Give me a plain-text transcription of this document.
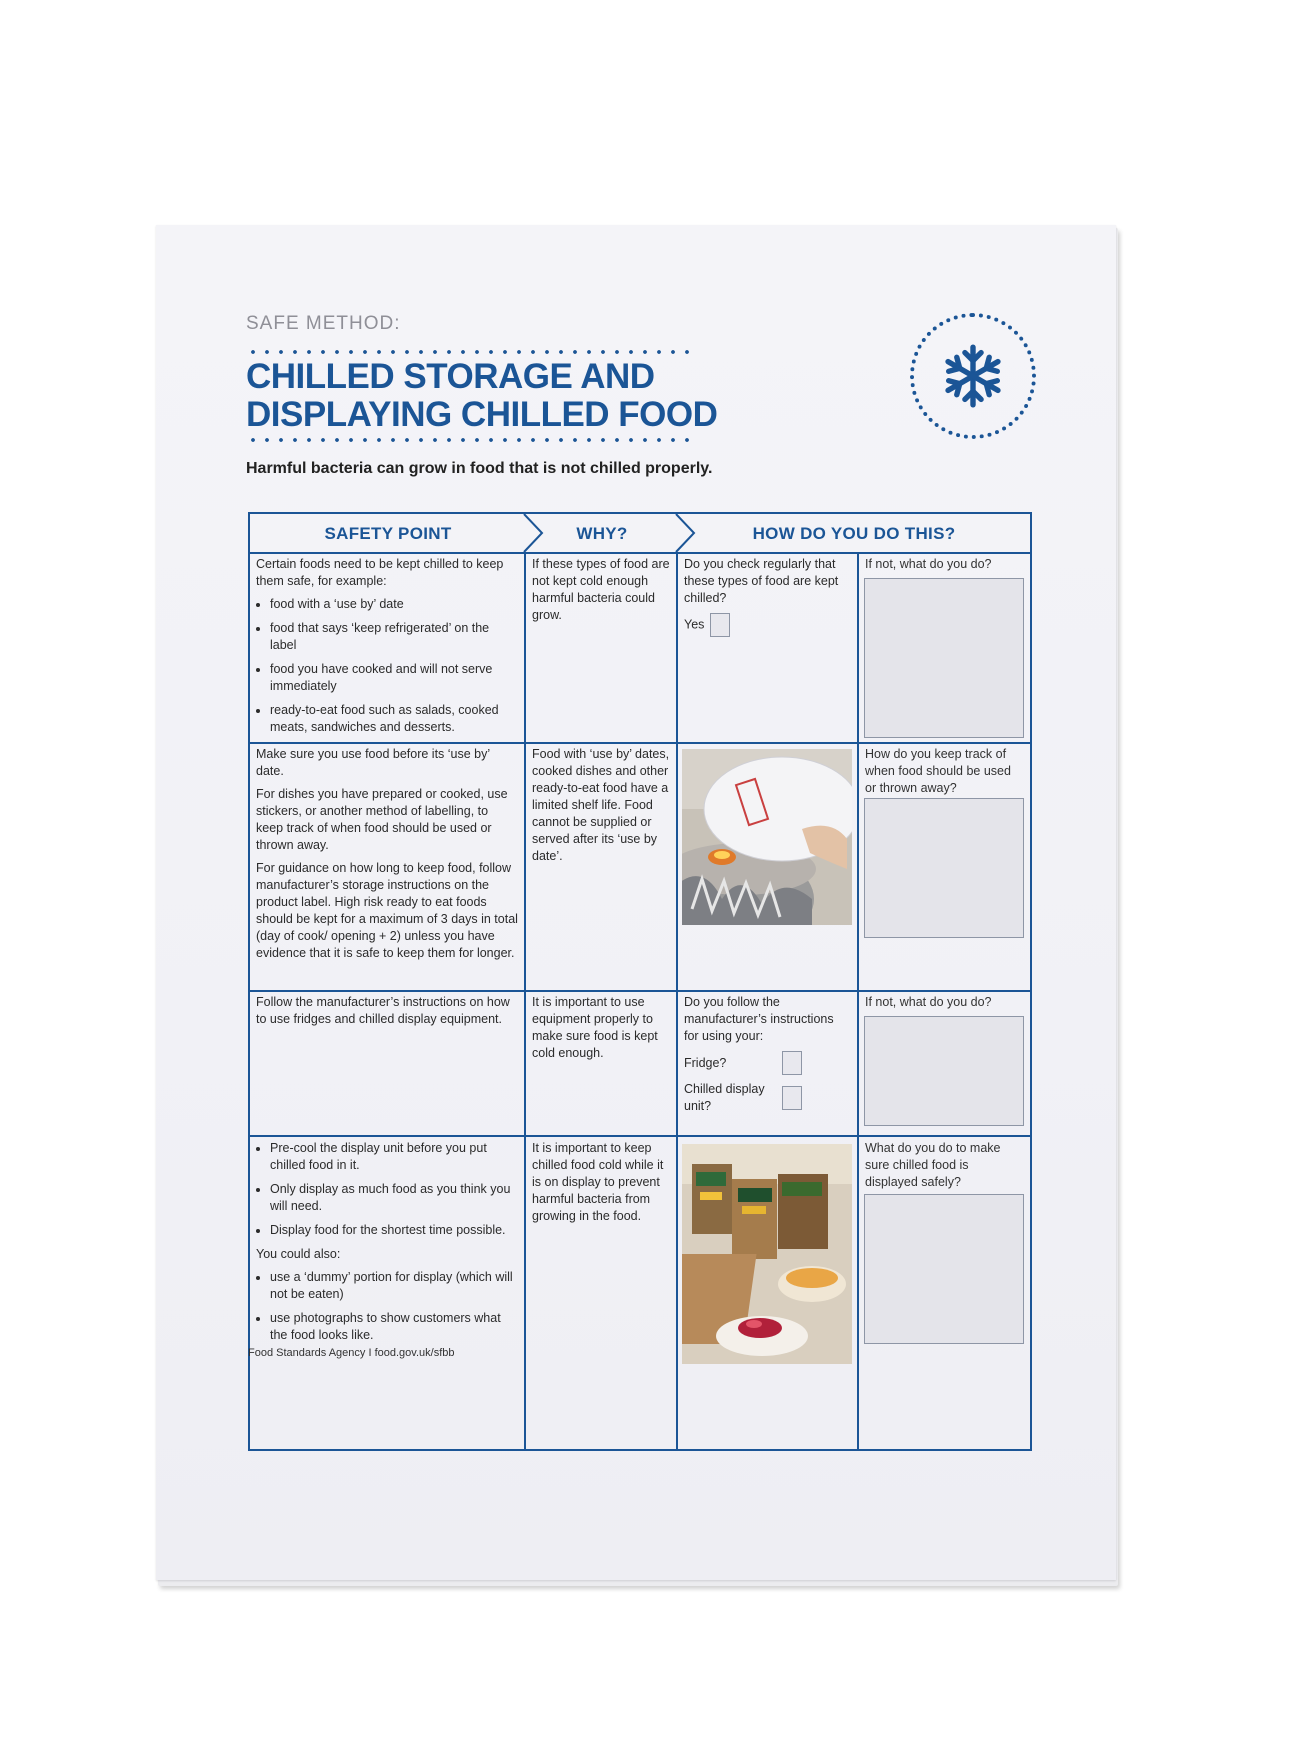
SAFE METHOD:
CHILLED STORAGE AND
DISPLAYING CHILLED FOOD

Harmful bacteria can grow in food that is not chilled properly.

SAFETY POINT	WHY?	HOW DO YOU DO THIS?

Certain foods need to be kept chilled to keep them safe, for example:

• food with a ‘use by’ date
• food that says ‘keep refrigerated’ on the label
• food you have cooked and will not serve immediately
• ready-to-eat food such as salads, cooked meats, sandwiches and desserts.

If these types of food are not kept cold enough harmful bacteria could grow.

Do you check regularly that these types of food are kept chilled?

Yes
If not, what do you do?

Make sure you use food before its ‘use by’ date.

For dishes you have prepared or cooked, use stickers, or another method of labelling, to keep track of when food should be used or thrown away.

For guidance on how long to keep food, follow manufacturer’s storage instructions on the product label. High risk ready to eat foods should be kept for a maximum of 3 days in total (day of cook/ opening + 2) unless you have evidence that it is safe to keep them for longer.

Food with ‘use by’ dates, cooked dishes and other ready-to-eat food have a limited shelf life. Food cannot be supplied or served after its ‘use by date’.

How do you keep track of when food should be used or thrown away?

Follow the manufacturer’s instructions on how to use fridges and chilled display equipment.

It is important to use equipment properly to make sure food is kept cold enough.

Do you follow the manufacturer’s instructions for using your:

Fridge?
Chilled display unit?
If not, what do you do?
• Pre-cool the display unit before you put chilled food in it.
• Only display as much food as you think you will need.
• Display food for the shortest time possible.

You could also:

• use a ‘dummy’ portion for display (which will not be eaten)
• use photographs to show customers what the food looks like.

It is important to keep chilled food cold while it is on display to prevent harmful bacteria from growing in the food.

What do you do to make sure chilled food is displayed safely?

Food Standards Agency I food.gov.uk/sfbb
